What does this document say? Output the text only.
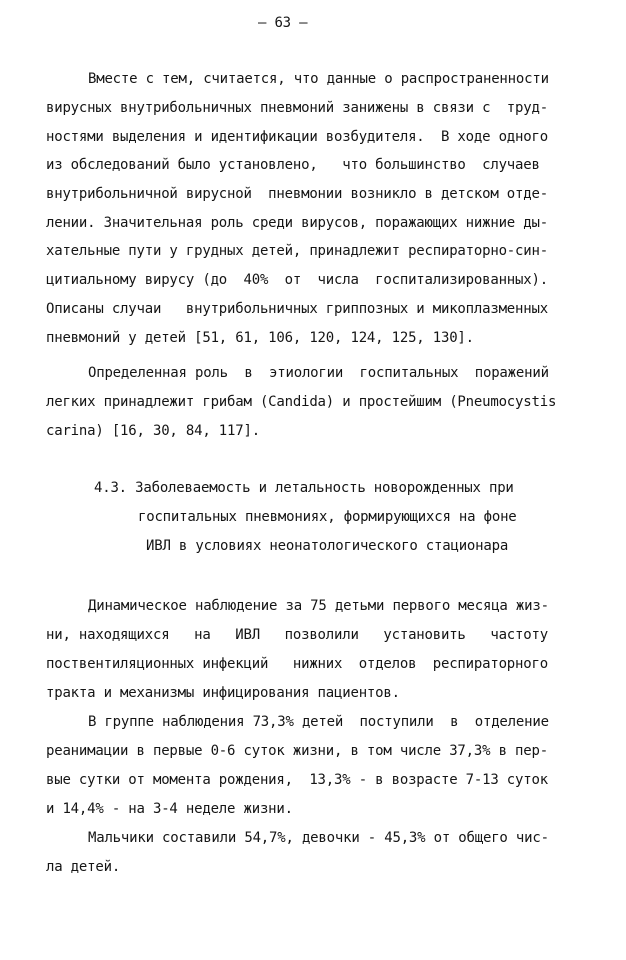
– 63 –
Вместе с тем, считается, что данные о распространенности
вирусных внутрибольничных пневмоний занижены в связи с  труд-
ностями выделения и идентификации возбудителя.  В ходе одного
из обследований было установлено,   что большинство  случаев
внутрибольничной вирусной  пневмонии возникло в детском отде-
лении. Значительная роль среди вирусов, поражающих нижние ды-
хательные пути у грудных детей, принадлежит респираторно-син-
цитиальному вирусу (до  40%  от  числа  госпитализированных).
Описаны случаи   внутрибольничных гриппозных и микоплазменных
пневмоний у детей [51, 61, 106, 120, 124, 125, 130].
Определенная роль  в  этиологии  госпитальных  поражений
легких принадлежит грибам (Candida) и простейшим (Pneumocystis
carina) [16, 30, 84, 117].
4.3. Заболеваемость и летальность новорожденных при
госпитальных пневмониях, формирующихся на фоне
ИВЛ в условиях неонатологического стационара
Динамическое наблюдение за 75 детьми первого месяца жиз-
ни, находящихся   на   ИВЛ   позволили   установить   частоту
поствентиляционных инфекций   нижних  отделов  респираторного
тракта и механизмы инфицирования пациентов.
В группе наблюдения 73,3% детей  поступили  в  отделение
реанимации в первые 0-6 суток жизни, в том числе 37,3% в пер-
вые сутки от момента рождения,  13,3% - в возрасте 7-13 суток
и 14,4% - на 3-4 неделе жизни.
Мальчики составили 54,7%, девочки - 45,3% от общего чис-
ла детей.
